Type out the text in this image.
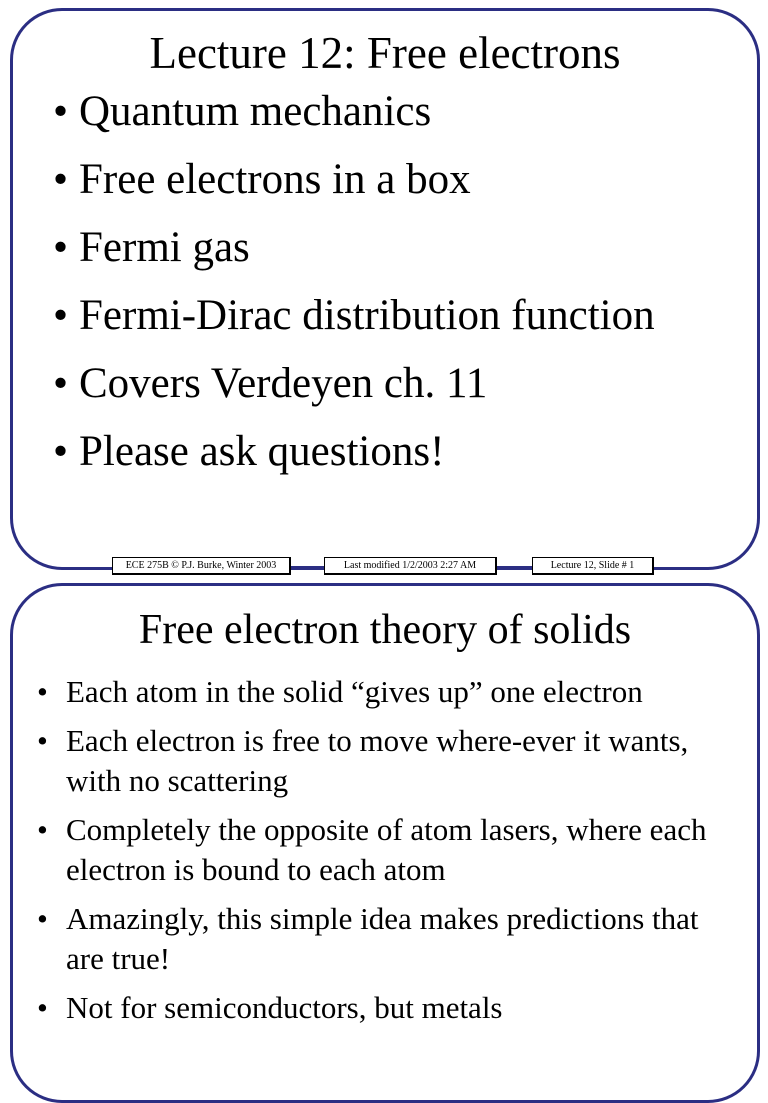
Lecture 12: Free electrons
• Quantum mechanics
• Free electrons in a box
• Fermi gas
• Fermi-Dirac distribution function
• Covers Verdeyen ch. 11
• Please ask questions!
ECE 275B © P.J. Burke, Winter 2003	Last modified 1/2/2003 2:27 AM	Lecture 12, Slide # 1
Free electron theory of solids
• Each atom in the solid “gives up” one electron
• Each electron is free to move where-ever it wants, with no scattering
• Completely the opposite of atom lasers, where each electron is bound to each atom
• Amazingly, this simple idea makes predictions that are true!
• Not for semiconductors, but metals
